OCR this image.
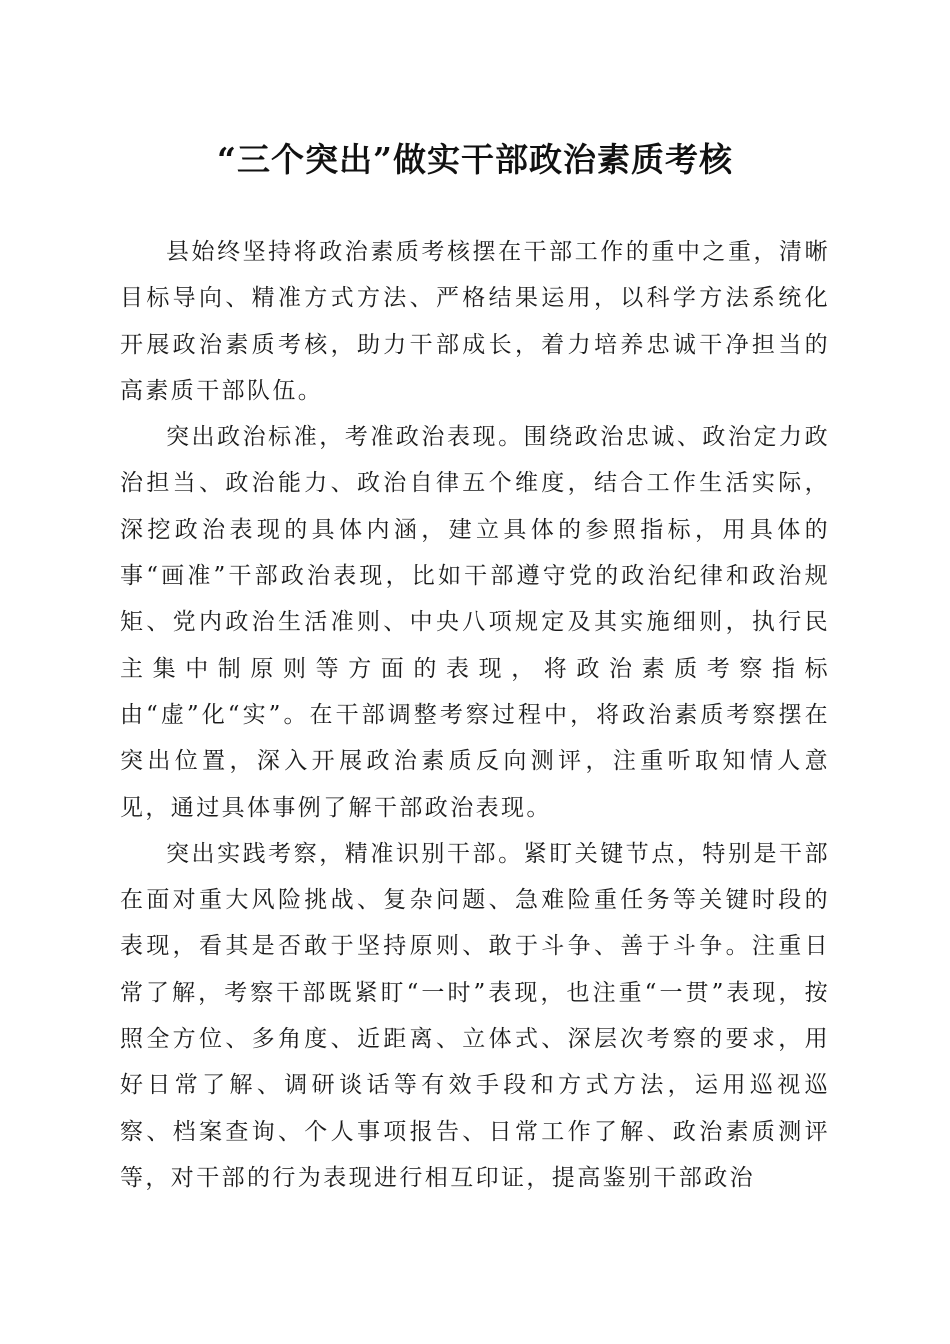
“三个突出”做实干部政治素质考核

县始终坚持将政治素质考核摆在干部工作的重中之重，清晰目标导向、精准方式方法、严格结果运用，以科学方法系统化开展政治素质考核，助力干部成长，着力培养忠诚干净担当的高素质干部队伍。

突出政治标准，考准政治表现。围绕政治忠诚、政治定力政治担当、政治能力、政治自律五个维度，结合工作生活实际，深挖政治表现的具体内涵，建立具体的参照指标，用具体的事“画准”干部政治表现，比如干部遵守党的政治纪律和政治规矩、党内政治生活准则、中央八项规定及其实施细则，执行民主集中制原则等方面的表现，将政治素质考察指标由“虚”化“实”。在干部调整考察过程中，将政治素质考察摆在突出位置，深入开展政治素质反向测评，注重听取知情人意见，通过具体事例了解干部政治表现。

突出实践考察，精准识别干部。紧盯关键节点，特别是干部在面对重大风险挑战、复杂问题、急难险重任务等关键时段的表现，看其是否敢于坚持原则、敢于斗争、善于斗争。注重日常了解，考察干部既紧盯“一时”表现，也注重“一贯”表现，按照全方位、多角度、近距离、立体式、深层次考察的要求，用好日常了解、调研谈话等有效手段和方式方法，运用巡视巡察、档案查询、个人事项报告、日常工作了解、政治素质测评等，对干部的行为表现进行相互印证，提高鉴别干部政治
